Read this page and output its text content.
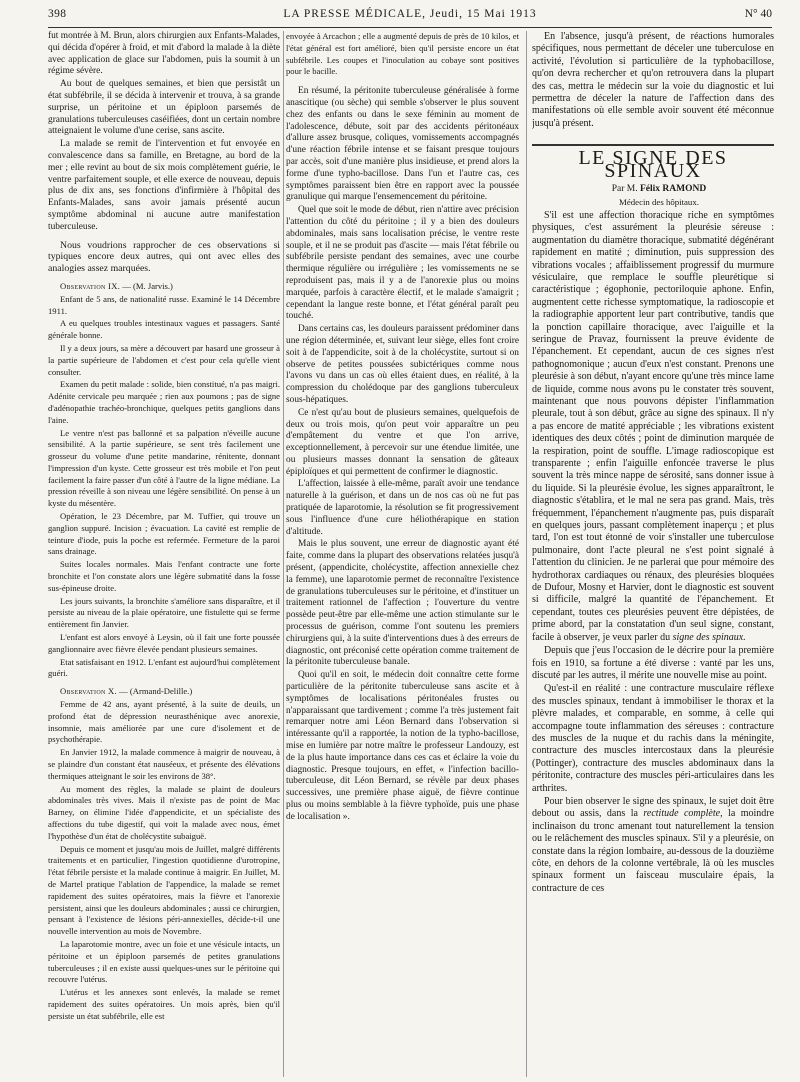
398	LA PRESSE MÉDICALE, Jeudi, 15 Mai 1913	N° 40

fut montrée à M. Brun, alors chirurgien aux Enfants-Malades, qui décida d'opérer à froid, et mit d'abord la malade à la diète avec application de glace sur l'abdomen, puis la soumit à un régime sévère.

Au bout de quelques semaines, et bien que persistât un état subfébrile, il se décida à intervenir et trouva, à sa grande surprise, un péritoine et un épiploon parsemés de granulations tuberculeuses caséifiées, dont un certain nombre atteignaient le volume d'une cerise, sans ascite.

La malade se remit de l'intervention et fut envoyée en convalescence dans sa famille, en Bretagne, au bord de la mer ; elle revint au bout de six mois complètement guérie, le ventre parfaitement souple, et elle exerce de nouveau, depuis plus de dix ans, ses fonctions d'infirmière à l'hôpital des Enfants-Malades, sans avoir jamais présenté aucun symptôme abdominal ni aucune autre manifestation tuberculeuse.

Nous voudrions rapprocher de ces observations si typiques encore deux autres, qui ont avec elles des analogies assez marquées.

Observation IX. — (M. Jarvis.)

Enfant de 5 ans, de nationalité russe. Examiné le 14 Décembre 1911.

A eu quelques troubles intestinaux vagues et passagers. Santé générale bonne.

Il y a deux jours, sa mère a découvert par hasard une grosseur à la partie supérieure de l'abdomen et c'est pour cela qu'elle vient consulter.

Examen du petit malade : solide, bien constitué, n'a pas maigri. Adénite cervicale peu marquée ; rien aux poumons ; pas de signe d'adénopathie trachéo-bronchique, quelques petits ganglions dans l'aine.

Le ventre n'est pas ballonné et sa palpation n'éveille aucune sensibilité. A la partie supérieure, se sent très facilement une grosseur du volume d'une petite mandarine, rénitente, donnant l'impression d'un kyste. Cette grosseur est très mobile et l'on peut facilement la faire passer d'un côté à l'autre de la ligne médiane. La pression réveille à son niveau une légère sensibilité. On pense à un kyste du mésentère.

Opération, le 23 Décembre, par M. Tuffier, qui trouve un ganglion suppuré. Incision ; évacuation. La cavité est remplie de teinture d'iode, puis la poche est refermée. Fermeture de la paroi sans drainage.

Suites locales normales. Mais l'enfant contracte une forte bronchite et l'on constate alors une légère submatité dans la fosse sus-épineuse droite.

Les jours suivants, la bronchite s'améliore sans disparaître, et il persiste au niveau de la plaie opératoire, une fistulette qui se ferme entièrement fin Janvier.

L'enfant est alors envoyé à Leysin, où il fait une forte poussée ganglionnaire avec fièvre élevée pendant plusieurs semaines.

Etat satisfaisant en 1912. L'enfant est aujourd'hui complètement guéri.

Observation X. — (Armand-Delille.)

Femme de 42 ans, ayant présenté, à la suite de deuils, un profond état de dépression neurasthénique avec anorexie, insomnie, mais améliorée par une cure d'isolement et de psychothérapie.

En Janvier 1912, la malade commence à maigrir de nouveau, à se plaindre d'un constant état nauséeux, et présente des élévations thermiques atteignant le soir les environs de 38°.

Au moment des règles, la malade se plaint de douleurs abdominales très vives. Mais il n'existe pas de point de Mac Barney, on élimine l'idée d'appendicite, et un spécialiste des affections du tube digestif, qui voit la malade avec nous, émet l'hypothèse d'un état de cholécystite subaiguë.

Depuis ce moment et jusqu'au mois de Juillet, malgré différents traitements et en particulier, l'ingestion quotidienne d'urotropine, l'état fébrile persiste et la malade continue à maigrir. En Juillet, M. de Martel pratique l'ablation de l'appendice, la malade se remet rapidement des suites opératoires, mais la fièvre et l'anorexie persistent, ainsi que les douleurs abdominales ; aussi ce chirurgien, pensant à l'existence de lésions péri-annexielles, décide-t-il une nouvelle intervention au mois de Novembre.

La laparotomie montre, avec un foie et une vésicule intacts, un péritoine et un épiploon parsemés de petites granulations tuberculeuses ; il en existe aussi quelques-unes sur le péritoine qui recouvre l'utérus.

L'utérus et les annexes sont enlevés, la malade se remet rapidement des suites opératoires. Un mois après, bien qu'il persiste un état subfébrile, elle est

envoyée à Arcachon ; elle a augmenté depuis de près de 10 kilos, et l'état général est fort amélioré, bien qu'il persiste encore un état subfébrile. Les coupes et l'inoculation au cobaye sont positives pour le bacille.

En résumé, la péritonite tuberculeuse généralisée à forme anascitique (ou sèche) qui semble s'observer le plus souvent chez des enfants ou dans le sexe féminin au moment de l'adolescence, débute, soit par des accidents péritonéaux d'allure assez brusque, coliques, vomissements accompagnés d'une réaction fébrile intense et se faisant presque toujours par accès, soit d'une manière plus insidieuse, et prend alors la forme d'une typho-bacillose. Dans l'un et l'autre cas, ces symptômes paraissent bien être en rapport avec la poussée granulique qui marque l'ensemencement du péritoine.

Quel que soit le mode de début, rien n'attire avec précision l'attention du côté du péritoine ; il y a bien des douleurs abdominales, mais sans localisation précise, le ventre reste souple, et il ne se produit pas d'ascite — mais l'état fébrile ou subfébrile persiste pendant des semaines, avec une courbe thermique régulière ou irrégulière ; les vomissements ne se reproduisent pas, mais il y a de l'anorexie plus ou moins marquée, parfois à caractère électif, et le malade s'amaigrit ; cependant la langue reste bonne, et l'état général paraît peu touché.

Dans certains cas, les douleurs paraissent prédominer dans une région déterminée, et, suivant leur siège, elles font croire soit à de l'appendicite, soit à de la cholécystite, surtout si on observe de petites poussées subictériques comme nous l'avons vu dans un cas où elles étaient dues, en réalité, à la compression du cholédoque par des ganglions tuberculeux sous-hépatiques.

Ce n'est qu'au bout de plusieurs semaines, quelquefois de deux ou trois mois, qu'on peut voir apparaître un peu d'empâtement du ventre et que l'on arrive, exceptionnellement, à percevoir sur une étendue limitée, une ou plusieurs masses donnant la sensation de gâteaux épiploïques et qui permettent de confirmer le diagnostic.

L'affection, laissée à elle-même, paraît avoir une tendance naturelle à la guérison, et dans un de nos cas où ne fut pas pratiquée de laparotomie, la résolution se fit progressivement sous l'influence d'une cure héliothérapique en station d'altitude.

Mais le plus souvent, une erreur de diagnostic ayant été faite, comme dans la plupart des observations relatées jusqu'à présent, (appendicite, cholécystite, affection annexielle chez la femme), une laparotomie permet de reconnaître l'existence de granulations tuberculeuses sur le péritoine, et d'instituer un traitement rationnel de l'affection ; l'ouverture du ventre possède peut-être par elle-même une action stimulante sur le processus de guérison, comme l'ont soutenu les premiers chirurgiens qui, à la suite d'interventions dues à des erreurs de diagnostic, ont préconisé cette opération comme traitement de la péritonite tuberculeuse banale.

Quoi qu'il en soit, le médecin doit connaître cette forme particulière de la péritonite tuberculeuse sans ascite et à symptômes de localisations péritonéales frustes ou n'apparaissant que tardivement ; comme l'a très justement fait remarquer notre ami Léon Bernard dans l'observation si intéressante qu'il a rapportée, la notion de la typho-bacillose, mise en lumière par notre maître le professeur Landouzy, est de la plus haute importance dans ces cas et éclaire la voie du diagnostic. Presque toujours, en effet, « l'infection bacillo-tuberculeuse, dit Léon Bernard, se révèle par deux phases successives, une première phase aiguë, de fièvre continue plus ou moins semblable à la fièvre typhoïde, puis une phase de localisation ».

En l'absence, jusqu'à présent, de réactions humorales spécifiques, nous permettant de déceler une tuberculose en activité, l'évolution si particulière de la typhobacillose, qu'on devra rechercher et qu'on retrouvera dans la plupart des cas, mettra le médecin sur la voie du diagnostic et lui permettra de déceler la nature de l'affection dans des manifestations où elle semble avoir souvent été méconnue jusqu'à présent.

LE SIGNE DES SPINAUX

Par M. Félix RAMOND

Médecin des hôpitaux.

S'il est une affection thoracique riche en symptômes physiques, c'est assurément la pleurésie séreuse : augmentation du diamètre thoracique, submatité dégénérant rapidement en matité ; diminution, puis suppression des vibrations vocales ; affaiblissement progressif du murmure vésiculaire, que remplace le souffle pleurétique si caractéristique ; égophonie, pectoriloquie aphone. Enfin, augmentent cette richesse symptomatique, la radioscopie et la radiographie apportent leur part contributive, tandis que la ponction capillaire thoracique, avec l'aiguille et la seringue de Pravaz, fournissent la preuve évidente de l'épanchement. Et cependant, aucun de ces signes n'est pathognomonique ; aucun d'eux n'est constant. Prenons une pleurésie à son début, n'ayant encore qu'une très mince lame de liquide, comme nous avons pu le constater très souvent, maintenant que nous pouvons dépister l'inflammation pleurale, tout à son début, grâce au signe des spinaux. Il n'y a pas encore de matité appréciable ; les vibrations existent identiques des deux côtés ; point de diminution marquée de la respiration, point de souffle. L'image radioscopique est transparente ; enfin l'aiguille enfoncée traverse le plus souvent la très mince nappe de sérosité, sans donner issue à du liquide. Si la pleurésie évolue, les signes apparaîtront, le diagnostic s'établira, et le mal ne sera pas grand. Mais, très fréquemment, l'épanchement n'augmente pas, puis disparaît en quelques jours, passant complètement inaperçu ; et plus tard, l'on est tout étonné de voir s'installer une tuberculose pulmonaire, dont l'acte pleural ne s'est point signalé à l'attention du clinicien. Je ne parlerai que pour mémoire des hydrothorax cardiaques ou rénaux, des pleurésies bloquées de Dufour, Mosny et Harvier, dont le diagnostic est souvent si difficile, malgré la quantité de l'épanchement. Et cependant, toutes ces pleurésies peuvent être dépistées, de prime abord, par la constatation d'un seul signe, constant, facile à observer, je veux parler du signe des spinaux.

Depuis que j'eus l'occasion de le décrire pour la première fois en 1910, sa fortune a été diverse : vanté par les uns, discuté par les autres, il mérite une nouvelle mise au point.

Qu'est-il en réalité : une contracture musculaire réflexe des muscles spinaux, tendant à immobiliser le thorax et la plèvre malades, et comparable, en somme, à celle qui accompagne toute inflammation des séreuses : contracture des muscles de la nuque et du rachis dans la méningite, contracture des muscles intercostaux dans la pleurésie (Pottinger), contracture des muscles abdominaux dans la péritonite, contracture des muscles péri-articulaires dans les arthrites.

Pour bien observer le signe des spinaux, le sujet doit être debout ou assis, dans la rectitude complète, la moindre inclinaison du tronc amenant tout naturellement la tension ou le relâchement des muscles spinaux. S'il y a pleurésie, on constate dans la région lombaire, au-dessous de la douzième côte, en dehors de la colonne vertébrale, là où les muscles spinaux forment un faisceau musculaire épais, la contracture de ces
